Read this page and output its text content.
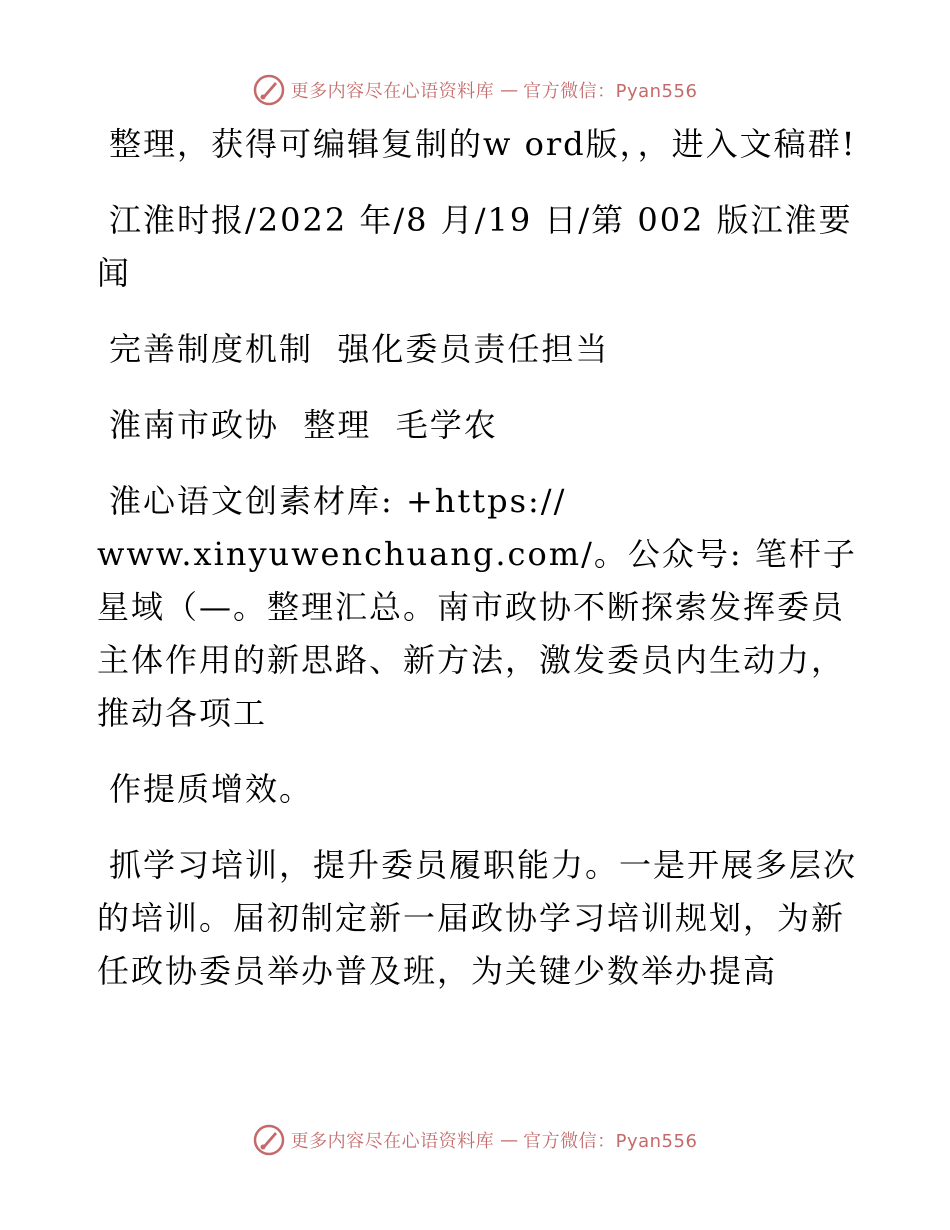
更多内容尽在心语资料库 — 官方微信：Pyan556

整理，获得可编辑复制的w ord版，，进入文稿群!

江淮时报/2022 年/8 月/19 日/第 002 版江淮要闻

完善制度机制  强化委员责任担当

淮南市政协  整理  毛学农

淮心语文创素材库: +https://

www.xinyuwenchuang.com/。公众号: 笔杆子星域（—。整理汇总。南市政协不断探索发挥委员主体作用的新思路、新方法，激发委员内生动力，推动各项工

作提质增效。

抓学习培训，提升委员履职能力。一是开展多层次的培训。届初制定新一届政协学习培训规划，为新任政协委员举办普及班，为关键少数举办提高

更多内容尽在心语资料库 — 官方微信：Pyan556
